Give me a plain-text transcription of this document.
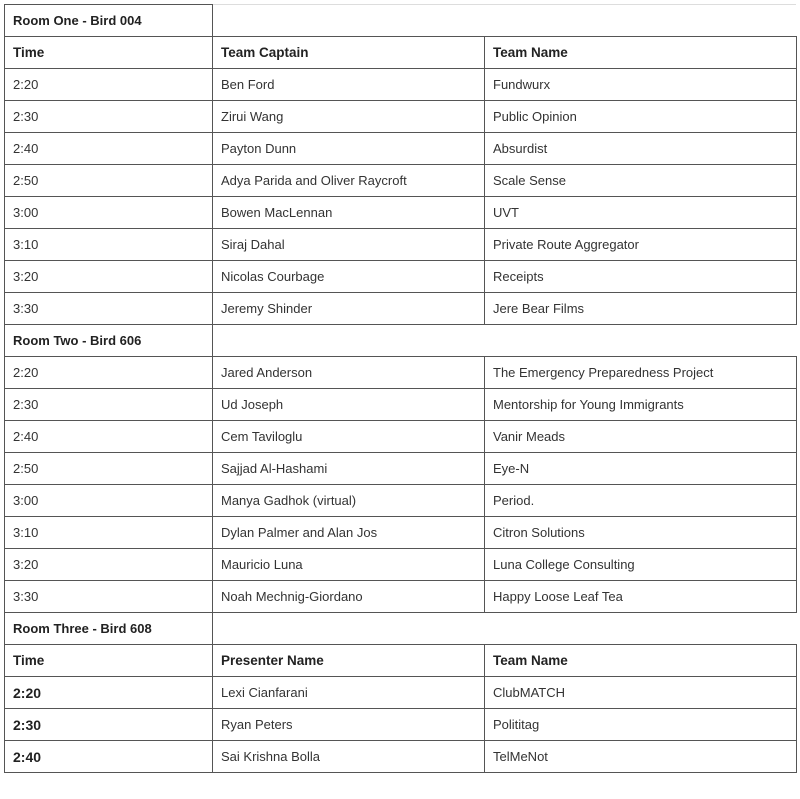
Room One - Bird 004		
Time	Team Captain	Team Name
2:20	Ben Ford	Fundwurx
2:30	Zirui Wang	Public Opinion
2:40	Payton Dunn	Absurdist
2:50	Adya Parida and Oliver Raycroft	Scale Sense
3:00	Bowen MacLennan	UVT
3:10	Siraj Dahal	Private Route Aggregator
3:20	Nicolas Courbage	Receipts
3:30	Jeremy Shinder	Jere Bear Films
Room Two - Bird 606		
2:20	Jared Anderson	The Emergency Preparedness Project
2:30	Ud Joseph	Mentorship for Young Immigrants
2:40	Cem Taviloglu	Vanir Meads
2:50	Sajjad Al-Hashami	Eye-N
3:00	Manya Gadhok (virtual)	Period.
3:10	Dylan Palmer and Alan Jos	Citron Solutions
3:20	Mauricio Luna	Luna College Consulting
3:30	Noah Mechnig-Giordano	Happy Loose Leaf Tea
Room Three - Bird 608		
Time	Presenter Name	Team Name
2:20	Lexi Cianfarani	ClubMATCH
2:30	Ryan Peters	Polititag
2:40	Sai Krishna Bolla	TelMeNot
